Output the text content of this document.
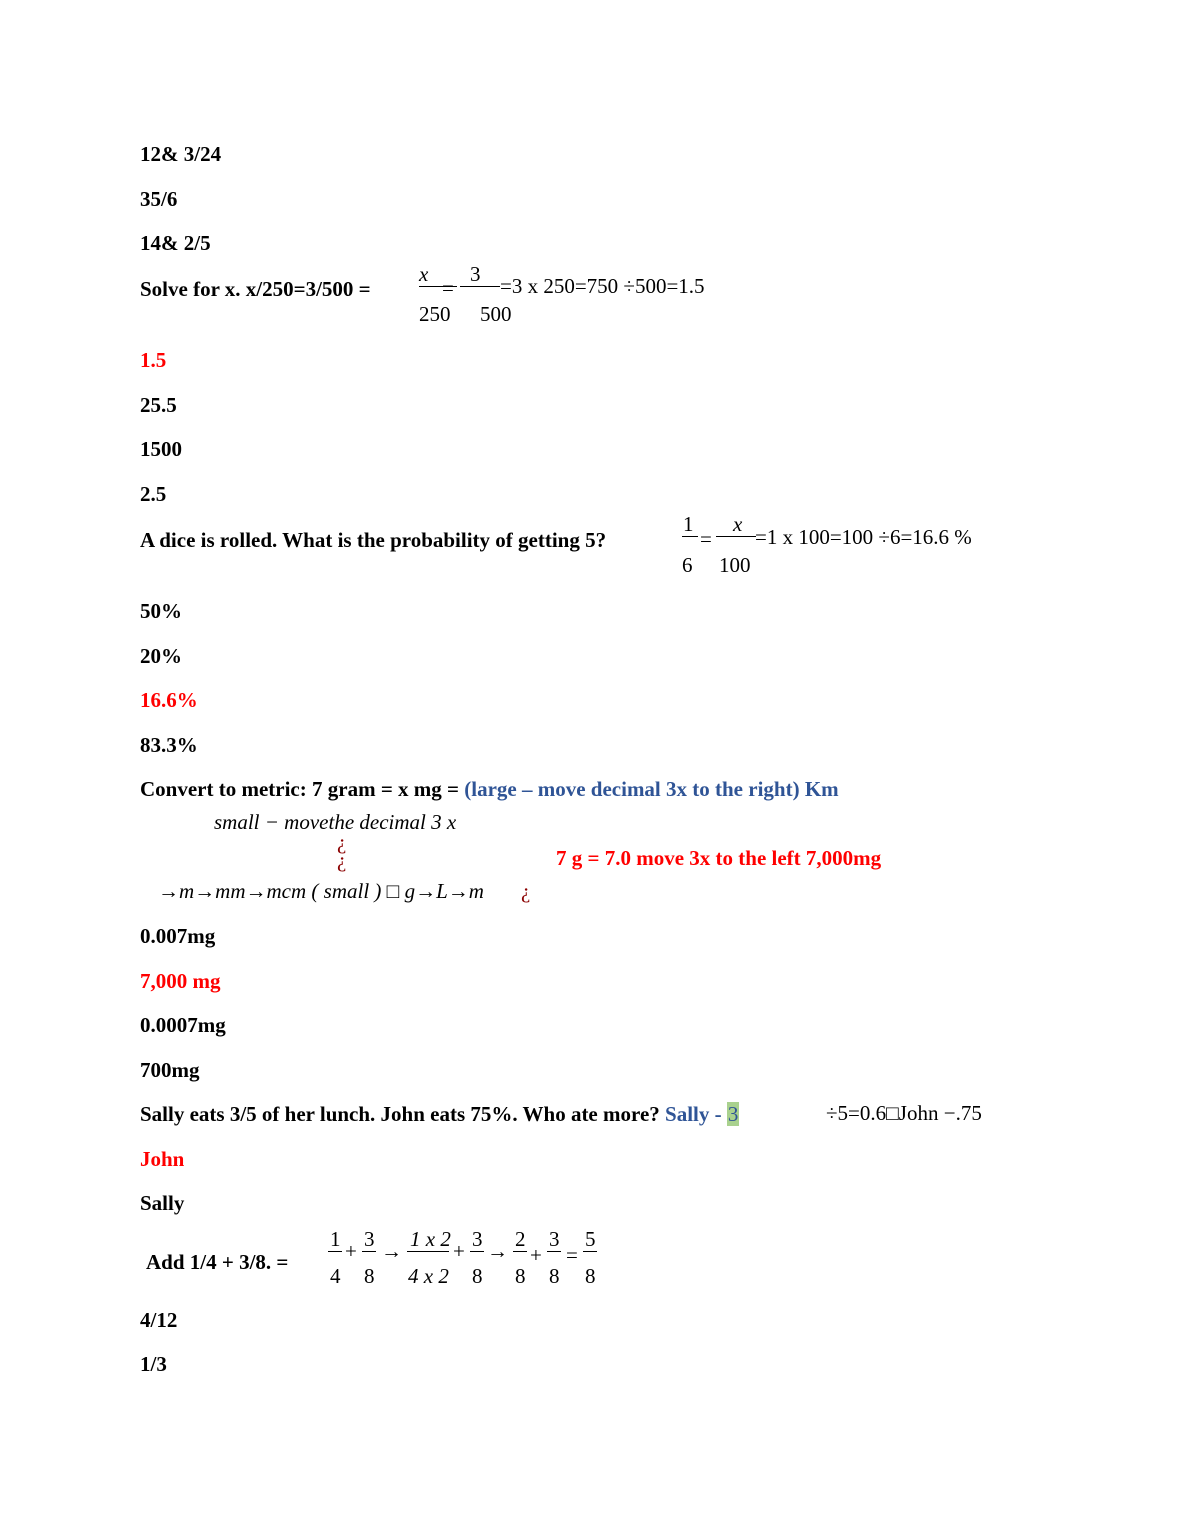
12& 3/24
35/6
14& 2/5
Solve for x. x/250=3/500 =
x
250
=
3
500
=3 x 250=750 ÷500=1.5
1.5
25.5
1500
2.5
A dice is rolled. What is the probability of getting 5?
1
6
=
x
100
=1 x 100=100 ÷6=16.6 %
50%
20%
16.6%
83.3%
Convert to metric: 7 gram = x mg = (large – move decimal 3x to the right) Km
small − movethe decimal 3 x
¿
¿
→m→mm→mcm ( small ) □ g→L→m ¿
7 g = 7.0 move 3x to the left 7,000mg
0.007mg
7,000 mg
0.0007mg
700mg
Sally eats 3/5 of her lunch. John eats 75%. Who ate more? Sally - 3	÷5=0.6□John −.75
John
Sally
Add 1/4 + 3/8. =
1
4
+ 3
8
→ 1 x 2
4 x 2
+ 3
8
→ 2
8
+
3
8
=
5
8
4/12
1/3
